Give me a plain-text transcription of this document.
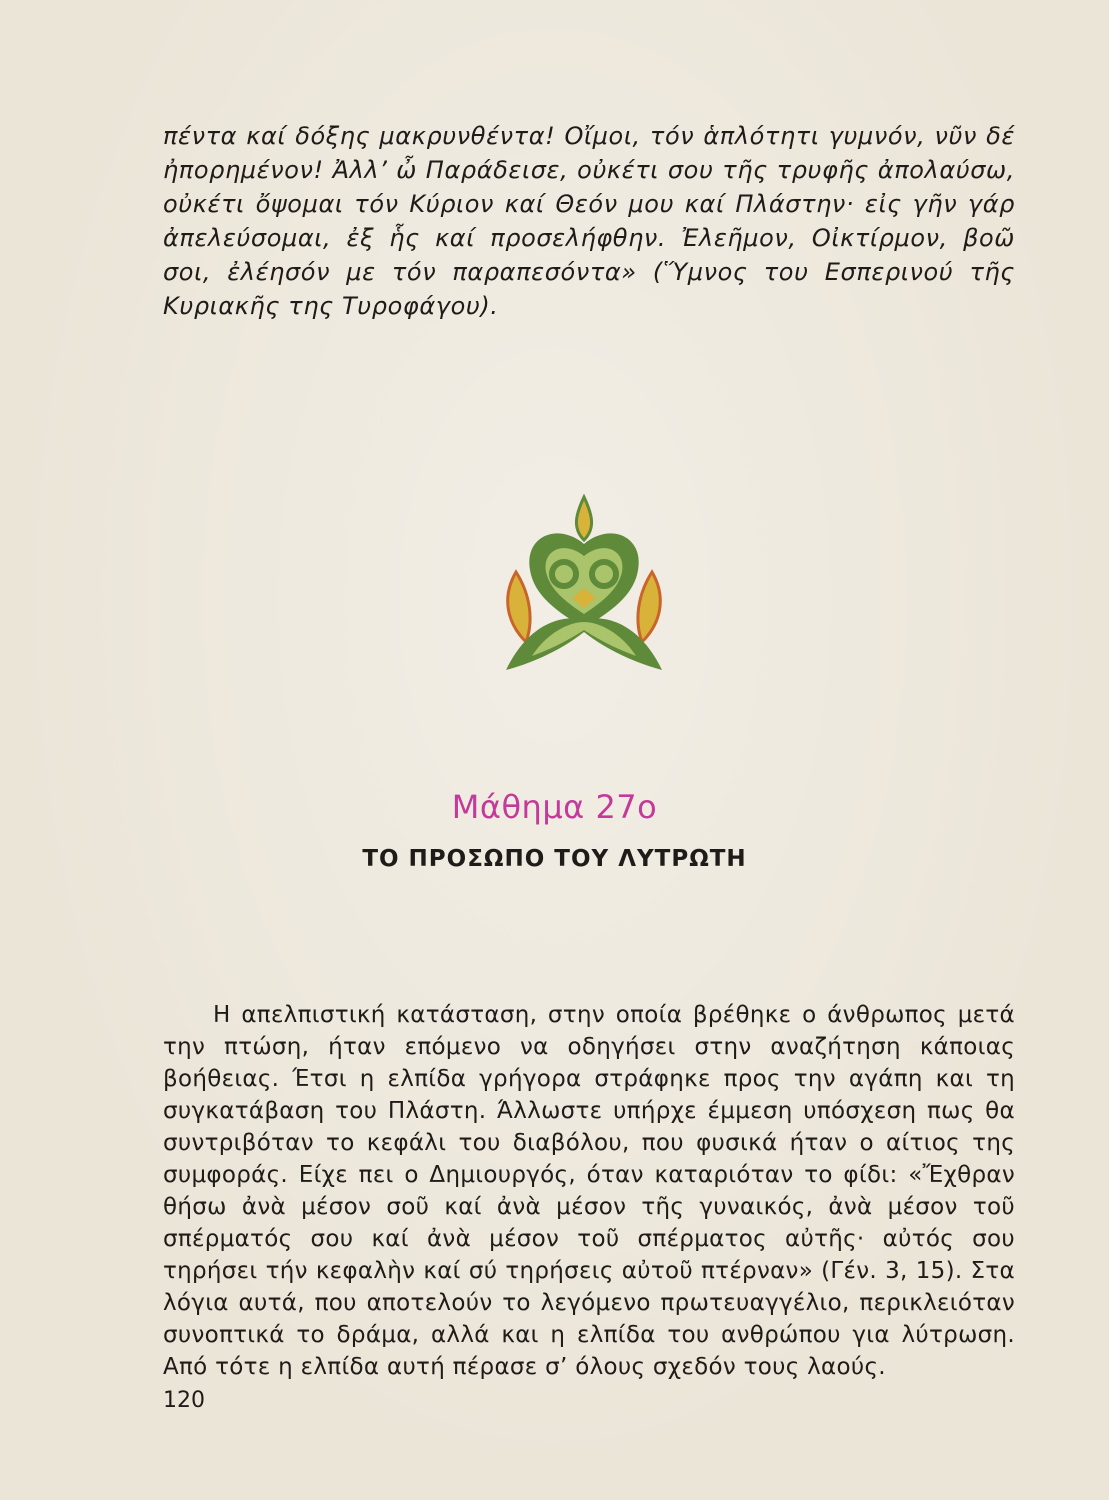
πέντα καί δόξης μακρυνθέντα! Οἴμοι, τόν ἁπλότητι γυμνόν, νῦν δέ ἠπορημένον! Ἀλλ’ ὦ Παράδεισε, οὐκέτι σου τῆς τρυφῆς ἀπολαύσω, οὐκέτι ὄψομαι τόν Κύριον καί Θεόν μου καί Πλάστην· εἰς γῆν γάρ ἀπελεύσομαι, ἐξ ἧς καί προσελήφθην. Ἐλεῆμον, Οἰκτίρμον, βοῶ σοι, ἐλέησόν με τόν παραπεσόντα» (Ὕμνος του Εσπερινού τῆς Κυριακῆς της Τυροφάγου).

Μάθημα 27ο
ΤΟ ΠΡΟΣΩΠΟ ΤΟΥ ΛΥΤΡΩΤΗ

Η απελπιστική κατάσταση, στην οποία βρέθηκε ο άνθρωπος μετά την πτώση, ήταν επόμενο να οδηγήσει στην αναζήτηση κάποιας βοήθειας. Έτσι η ελπίδα γρήγορα στράφηκε προς την αγάπη και τη συγκατάβαση του Πλάστη. Άλλωστε υπήρχε έμμεση υπόσχεση πως θα συντριβόταν το κεφάλι του διαβόλου, που φυσικά ήταν ο αίτιος της συμφοράς. Είχε πει ο Δημιουργός, όταν καταριόταν το φίδι: «Ἔχθραν θήσω ἀνὰ μέσον σοῦ καί ἀνὰ μέσον τῆς γυναικός, ἀνὰ μέσον τοῦ σπέρματός σου καί ἀνὰ μέσον τοῦ σπέρματος αὐτῆς· αὐτός σου τηρήσει τήν κεφαλὴν καί σύ τηρήσεις αὐτοῦ πτέρναν» (Γέν. 3, 15). Στα λόγια αυτά, που αποτελούν το λεγόμενο πρωτευαγγέλιο, περικλειόταν συνοπτικά το δράμα, αλλά και η ελπίδα του ανθρώπου για λύτρωση. Από τότε η ελπίδα αυτή πέρασε σ’ όλους σχεδόν τους λαούς.

120
